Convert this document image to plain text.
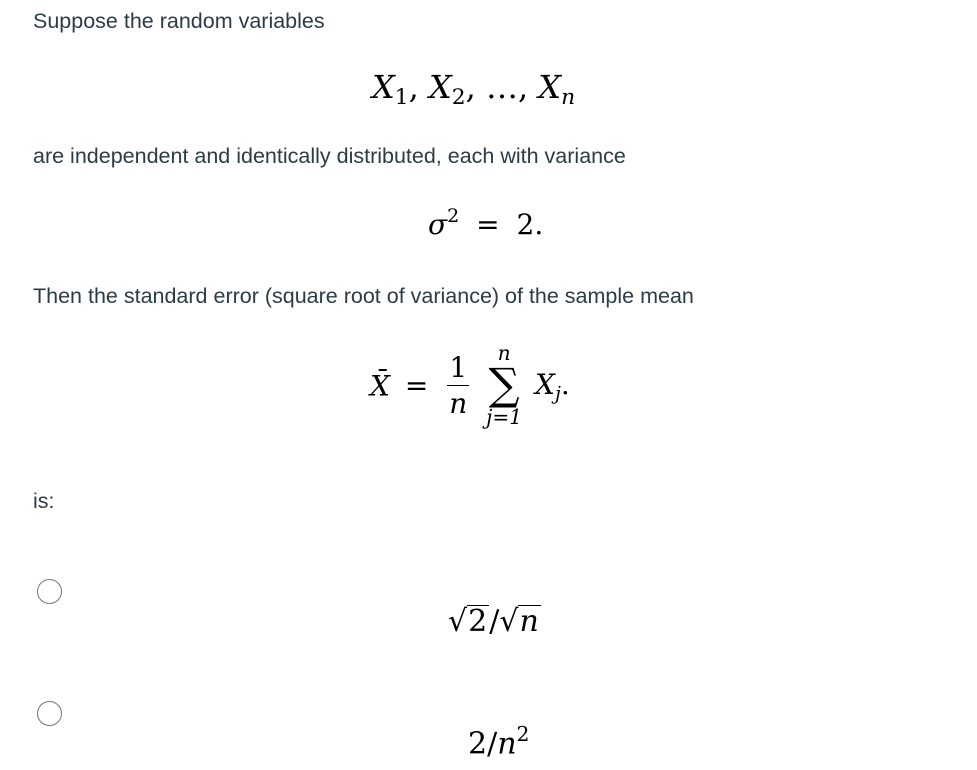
Suppose the random variables
$X_1$, $X_2$, …, $X_n$
are independent and identically distributed, each with variance
$\sigma^2 = 2$.
Then the standard error (square root of variance) of the sample mean
X̄ = $\frac{1}{n}$
	n
∑
j=1
$X_j$.
is:
√2/√n
$2/n^2$
